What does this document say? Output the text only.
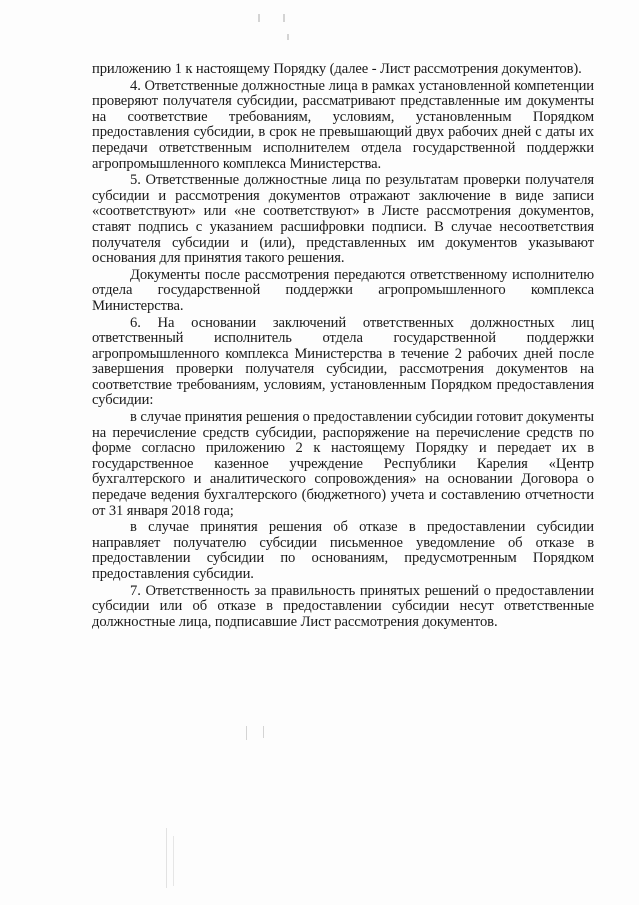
приложению 1 к настоящему Порядку (далее - Лист рассмотрения документов).

4. Ответственные должностные лица в рамках установленной компетенции проверяют получателя субсидии, рассматривают представленные им документы на соответствие требованиям, условиям, установленным Порядком предоставления субсидии, в срок не превышающий двух рабочих дней с даты их передачи ответственным исполнителем отдела государственной поддержки агропромышленного комплекса Министерства.

5. Ответственные должностные лица по результатам проверки получателя субсидии и рассмотрения документов отражают заключение в виде записи «соответствуют» или «не соответствуют» в Листе рассмотрения документов, ставят подпись с указанием расшифровки подписи. В случае несоответствия получателя субсидии и (или), представленных им документов указывают основания для принятия такого решения.

Документы после рассмотрения передаются ответственному исполнителю отдела государственной поддержки агропромышленного комплекса Министерства.

6. На основании заключений ответственных должностных лиц ответственный исполнитель отдела государственной поддержки агропромышленного комплекса Министерства в течение 2 рабочих дней после завершения проверки получателя субсидии, рассмотрения документов на соответствие требованиям, условиям, установленным Порядком предоставления субсидии:

в случае принятия решения о предоставлении субсидии готовит документы на перечисление средств субсидии, распоряжение на перечисление средств по форме согласно приложению 2 к настоящему Порядку и передает их в государственное казенное учреждение Республики Карелия «Центр бухгалтерского и аналитического сопровождения» на основании Договора о передаче ведения бухгалтерского (бюджетного) учета и составлению отчетности от 31 января 2018 года;

в случае принятия решения об отказе в предоставлении субсидии направляет получателю субсидии письменное уведомление об отказе в предоставлении субсидии по основаниям, предусмотренным Порядком предоставления субсидии.

7. Ответственность за правильность принятых решений о предоставлении субсидии или об отказе в предоставлении субсидии несут ответственные должностные лица, подписавшие Лист рассмотрения документов.
